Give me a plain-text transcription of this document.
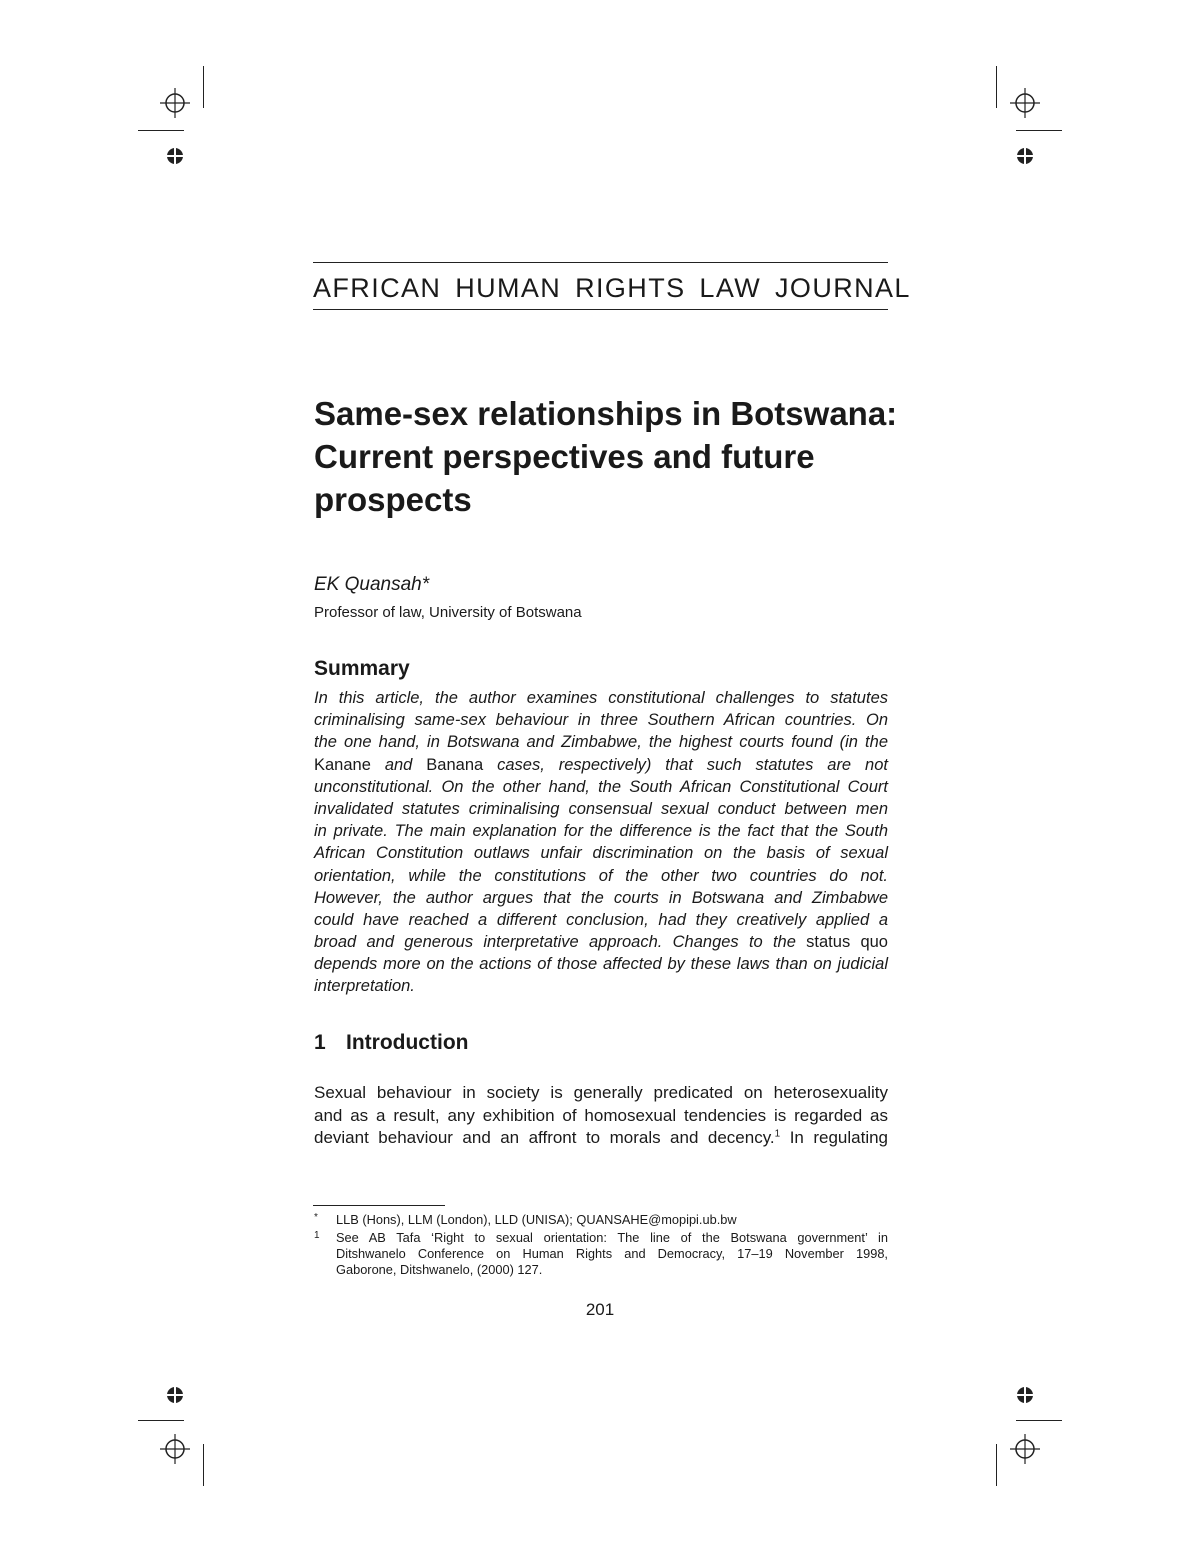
AFRICAN HUMAN RIGHTS LAW JOURNAL
Same-sex relationships in Botswana:
Current perspectives and future
prospects
EK Quansah*
Professor of law, University of Botswana
Summary
In this article, the author examines constitutional challenges to statutes
criminalising same-sex behaviour in three Southern African countries. On
the one hand, in Botswana and Zimbabwe, the highest courts found (in the
Kanane and Banana cases, respectively) that such statutes are not
unconstitutional. On the other hand, the South African Constitutional Court
invalidated statutes criminalising consensual sexual conduct between men
in private. The main explanation for the difference is the fact that the South
African Constitution outlaws unfair discrimination on the basis of sexual
orientation, while the constitutions of the other two countries do not.
However, the author argues that the courts in Botswana and Zimbabwe
could have reached a different conclusion, had they creatively applied a
broad and generous interpretative approach. Changes to the status quo
depends more on the actions of those affected by these laws than on judicial
interpretation.
1 Introduction
Sexual behaviour in society is generally predicated on heterosexuality
and as a result, any exhibition of homosexual tendencies is regarded as
deviant behaviour and an affront to morals and decency.$^1$ In regulating
* LLB (Hons), LLM (London), LLD (UNISA); QUANSAHE@mopipi.ub.bw
1 See AB Tafa ‘Right to sexual orientation: The line of the Botswana government’ in
Ditshwanelo Conference on Human Rights and Democracy, 17–19 November 1998,
Gaborone, Ditshwanelo, (2000) 127.
201
